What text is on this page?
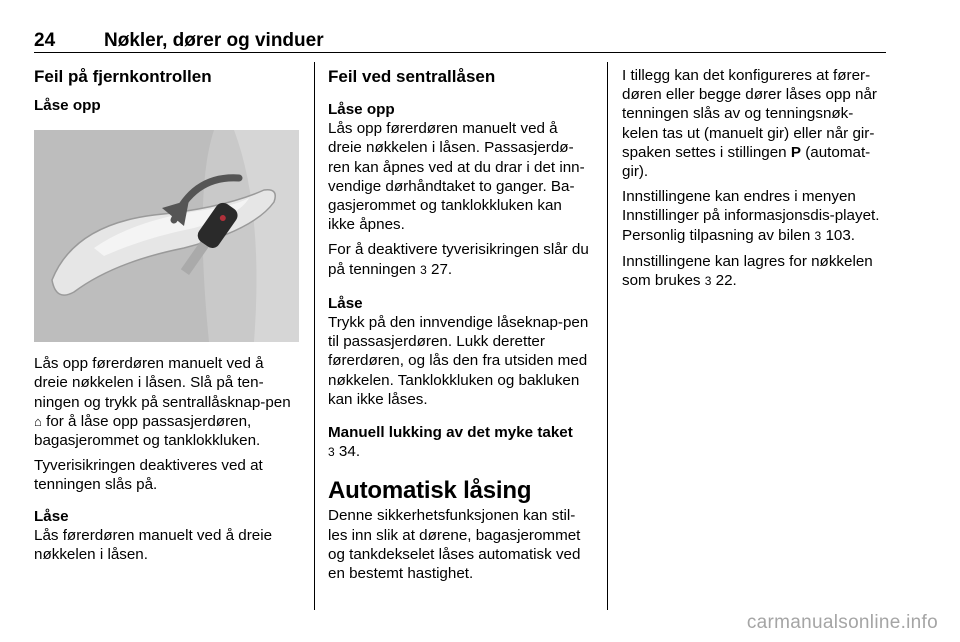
24	Nøkler, dører og vinduer

Feil på fjernkontrollen

Låse opp

Lås opp førerdøren manuelt ved å dreie nøkkelen i låsen. Slå på ten-ningen og trykk på sentrallåsknap-pen ⌂ for å låse opp passasjerdøren, bagasjerommet og tanklokkluken.

Tyverisikringen deaktiveres ved at tenningen slås på.

Låse

Lås førerdøren manuelt ved å dreie nøkkelen i låsen.

Feil ved sentrallåsen

Låse opp

Lås opp førerdøren manuelt ved å dreie nøkkelen i låsen. Passasjerdø-ren kan åpnes ved at du drar i det inn-vendige dørhåndtaket to ganger. Ba-gasjerommet og tanklokkluken kan ikke åpnes.

For å deaktivere tyverisikringen slår du på tenningen 3 27.

Låse

Trykk på den innvendige låseknap-pen til passasjerdøren. Lukk deretter førerdøren, og lås den fra utsiden med nøkkelen. Tanklokkluken og bakluken kan ikke låses.

Manuell lukking av det myke taket

3 34.

Automatisk låsing

Denne sikkerhetsfunksjonen kan stil-les inn slik at dørene, bagasjerommet og tankdekselet låses automatisk ved en bestemt hastighet.

I tillegg kan det konfigureres at fører-døren eller begge dører låses opp når tenningen slås av og tenningsnøk-kelen tas ut (manuelt gir) eller når gir-spaken settes i stillingen P (automat-gir).

Innstillingene kan endres i menyen Innstillinger på informasjonsdis-playet. Personlig tilpasning av bilen 3 103.

Innstillingene kan lagres for nøkkelen som brukes 3 22.

carmanualsonline.info
